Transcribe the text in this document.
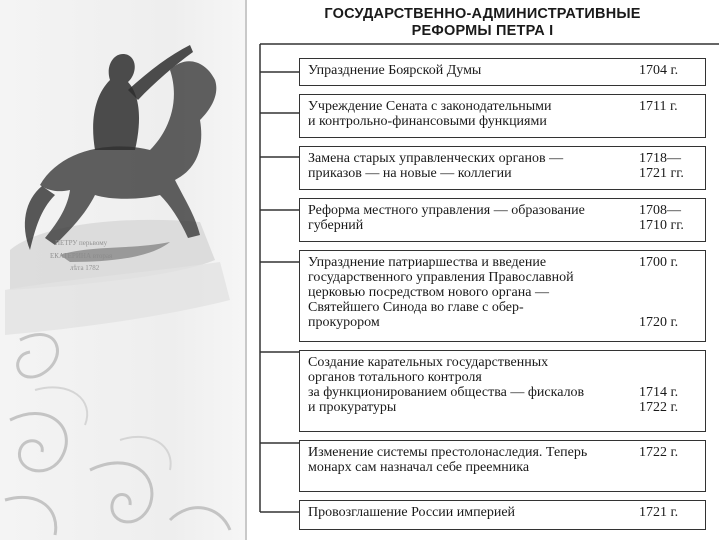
ПЕТРУ перьвому
ЕКАТЕРИНА вторая
лѣта 1782
ГОСУДАРСТВЕННО-АДМИНИСТРАТИВНЫЕ
РЕФОРМЫ ПЕТРА I
Упразднение Боярской Думы	1704 г.
Учреждение Сената с законодательными
и контрольно-финансовыми функциями
1711 г.
Замена старых управленческих органов —
приказов — на новые — коллегии
1718—
1721 гг.
Реформа местного управления — образование
губерний
1708—
1710 гг.
Упразднение патриаршества и введение
государственного управления Православной
церковью посредством нового органа —
Святейшего Синода во главе с обер-
прокурором
1700 г.
1720 г.
Создание карательных государственных
органов тотального контроля
за функционированием общества — фискалов
и прокуратуры
1714 г.
1722 г.
Изменение системы престолонаследия. Теперь
монарх сам назначал себе преемника
1722 г.
Провозглашение России империей	1721 г.
